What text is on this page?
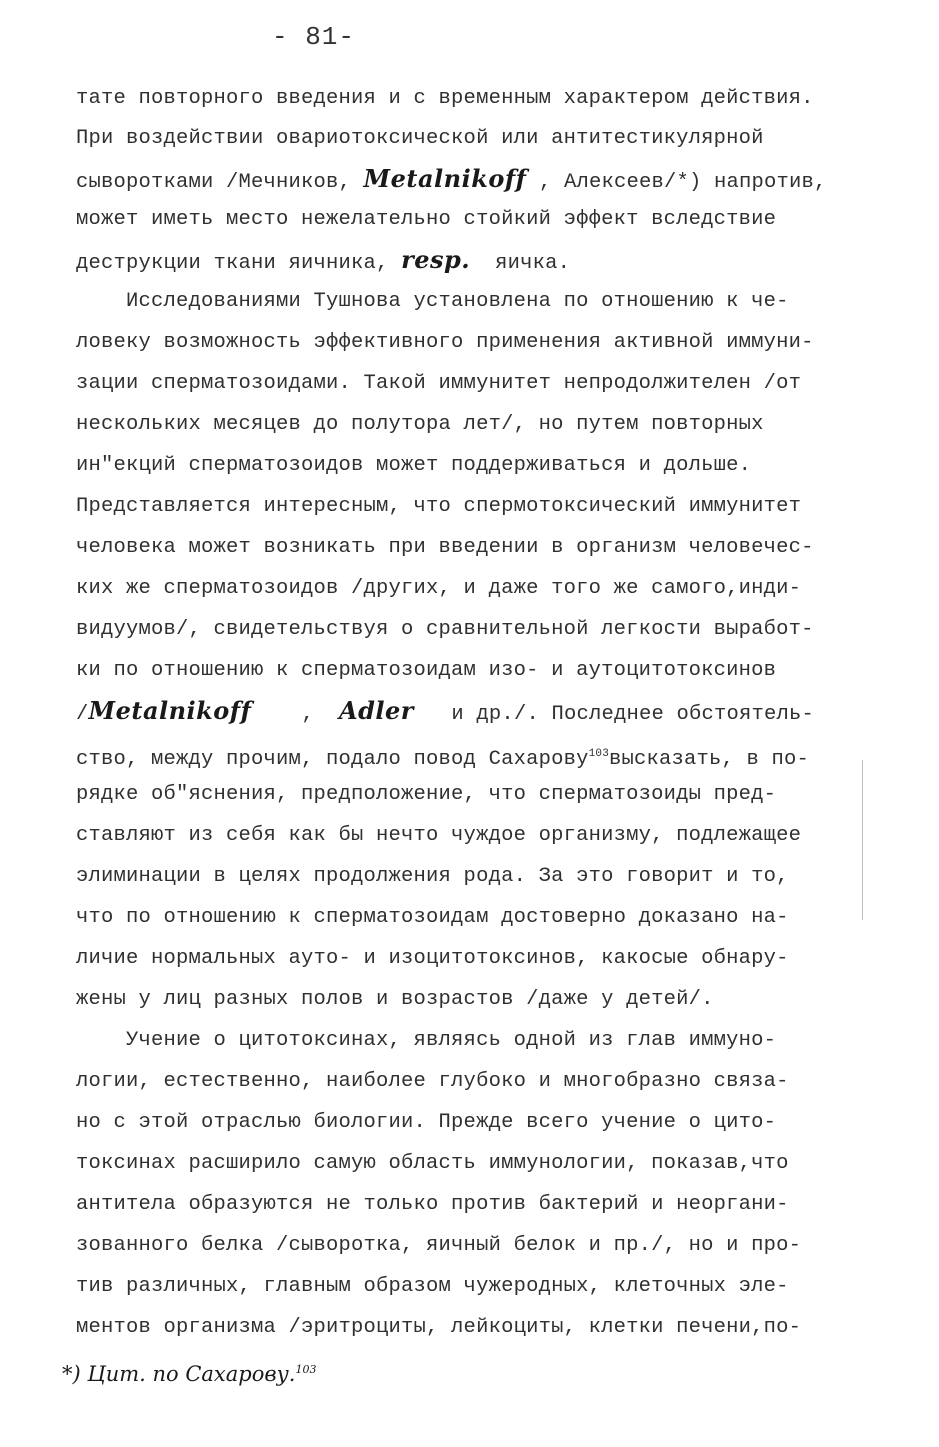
- 81-
тате повторного введения и с временным характером действия.
При воздействии овариотоксической или антитестикулярной
сыворотками /Мечников, Metalnikoff , Алексеев/*) напротив,
может иметь место нежелательно стойкий эффект вследствие
деструкции ткани яичника, resp.  яичка.
Исследованиями Тушнова установлена по отношению к че-
ловеку возможность эффективного применения активной иммуни-
зации сперматозоидами. Такой иммунитет непродолжителен /от
нескольких месяцев до полутора лет/, но путем повторных
ин"екций сперматозоидов может поддерживаться и дольше.
Представляется интересным, что спермотоксический иммунитет
человека может возникать при введении в организм человечес-
ких же сперматозоидов /других, и даже того же самого,инди-
видуумов/, свидетельствуя о сравнительной легкости выработ-
ки по отношению к сперматозоидам изо- и аутоцитотоксинов
/Metalnikoff    ,  Adler   и др./. Последнее обстоятель-
ство, между прочим, подало повод Сахарову$^{103}$высказать, в по-
рядке об"яснения, предположение, что сперматозоиды пред-
ставляют из себя как бы нечто чуждое организму, подлежащее
элиминации в целях продолжения рода. За это говорит и то,
что по отношению к сперматозоидам достоверно доказано на-
личие нормальных ауто- и изоцитотоксинов, какосые обнару-
жены у лиц разных полов и возрастов /даже у детей/.
Учение о цитотоксинах, являясь одной из глав иммуно-
логии, естественно, наиболее глубоко и многобразно связа-
но с этой отраслью биологии. Прежде всего учение о цито-
токсинах расширило самую область иммунологии, показав,что
антитела образуются не только против бактерий и неоргани-
зованного белка /сыворотка, яичный белок и пр./, но и про-
тив различных, главным образом чужеродных, клеточных эле-
ментов организма /эритроциты, лейкоциты, клетки печени,по-
*) Цит. по Сахарову.$^{103}$
